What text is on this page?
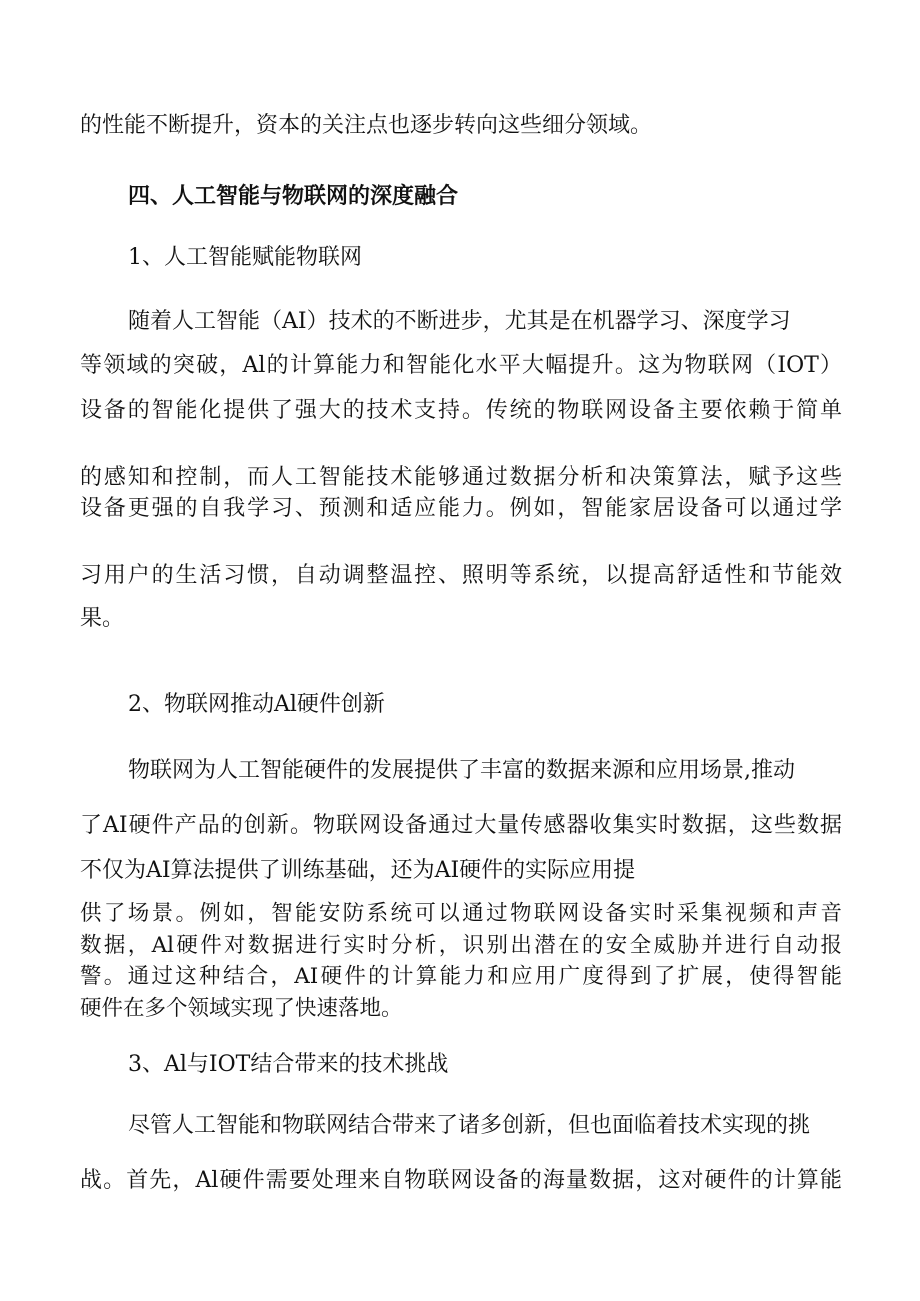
的性能不断提升，资本的关注点也逐步转向这些细分领域。
四、人工智能与物联网的深度融合
1、人工智能赋能物联网
随着人工智能（AI）技术的不断进步，尤其是在机器学习、深度学习
等领域的突破，Al的计算能力和智能化水平大幅提升。这为物联网（IOT）
设备的智能化提供了强大的技术支持。传统的物联网设备主要依赖于简单
的感知和控制，而人工智能技术能够通过数据分析和决策算法，赋予这些
设备更强的自我学习、预测和适应能力。例如，智能家居设备可以通过学
习用户的生活习惯，自动调整温控、照明等系统，以提高舒适性和节能效
果。
2、物联网推动Al硬件创新
物联网为人工智能硬件的发展提供了丰富的数据来源和应用场景,推动
了AI硬件产品的创新。物联网设备通过大量传感器收集实时数据，这些数据
不仅为AI算法提供了训练基础，还为AI硬件的实际应用提
供了场景。例如，智能安防系统可以通过物联网设备实时采集视频和声音
数据，Al硬件对数据进行实时分析，识别出潜在的安全威胁并进行自动报
警。通过这种结合，AI硬件的计算能力和应用广度得到了扩展，使得智能
硬件在多个领域实现了快速落地。
3、Al与IOT结合带来的技术挑战
尽管人工智能和物联网结合带来了诸多创新，但也面临着技术实现的挑
战。首先，Al硬件需要处理来自物联网设备的海量数据，这对硬件的计算能
